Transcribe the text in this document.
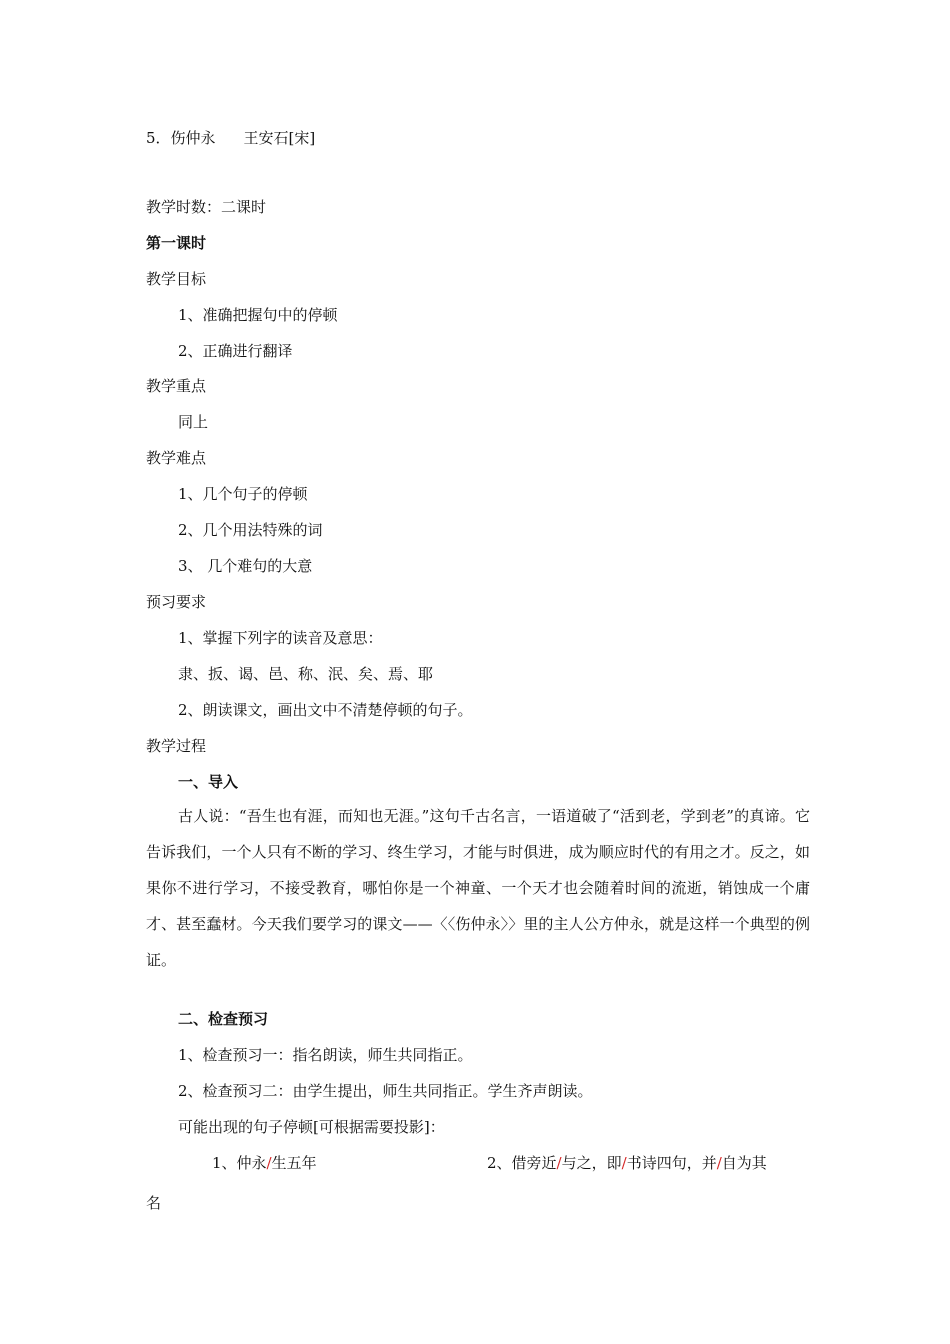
5．伤仲永 王安石[宋]
教学时数：二课时
第一课时
教学目标
1、准确把握句中的停顿
2、正确进行翻译
教学重点
同上
教学难点
1、几个句子的停顿
2、几个用法特殊的词
3、 几个难句的大意
预习要求
1、掌握下列字的读音及意思：
隶、扳、谒、邑、称、泯、矣、焉、耶
2、朗读课文，画出文中不清楚停顿的句子。
教学过程
一、导入
古人说：“吾生也有涯，而知也无涯。”这句千古名言，一语道破了“活到老，学到老”的真谛。它告诉我们，一个人只有不断的学习、终生学习，才能与时俱进，成为顺应时代的有用之才。反之，如果你不进行学习，不接受教育，哪怕你是一个神童、一个天才也会随着时间的流逝，销蚀成一个庸才、甚至蠢材。今天我们要学习的课文——〈〈伤仲永〉〉里的主人公方仲永，就是这样一个典型的例证。
二、检查预习
1、检查预习一：指名朗读，师生共同指正。
2、检查预习二：由学生提出，师生共同指正。学生齐声朗读。
可能出现的句子停顿[可根据需要投影]：
1、仲永/生五年	2、借旁近/与之，即/书诗四句，并/自为其
名
